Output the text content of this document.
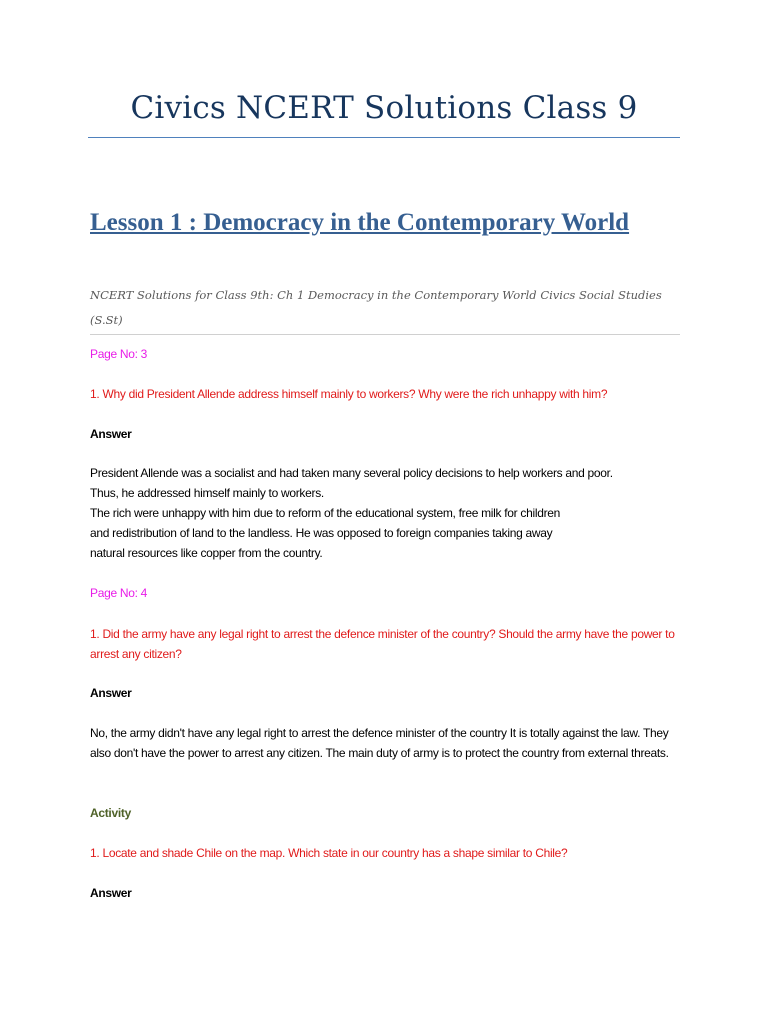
Civics NCERT Solutions Class 9
Lesson 1 : Democracy in the Contemporary World
NCERT Solutions for Class 9th: Ch 1 Democracy in the Contemporary World Civics Social Studies (S.St)
Page No: 3
1. Why did President Allende address himself mainly to workers? Why were the rich unhappy with him?
Answer
President Allende was a socialist and had taken many several policy decisions to help workers and poor.
Thus, he addressed himself mainly to workers.
The rich were unhappy with him due to reform of the educational system, free milk for children
and redistribution of land to the landless. He was opposed to foreign companies taking away
natural resources like copper from the country.
Page No: 4
1. Did the army have any legal right to arrest the defence minister of the country? Should the army have the power to arrest any citizen?
Answer
No, the army didn't have any legal right to arrest the defence minister of the country It is totally against the law. They also don't have the power to arrest any citizen. The main duty of army is to protect the country from external threats.
Activity
1. Locate and shade Chile on the map. Which state in our country has a shape similar to Chile?
Answer
